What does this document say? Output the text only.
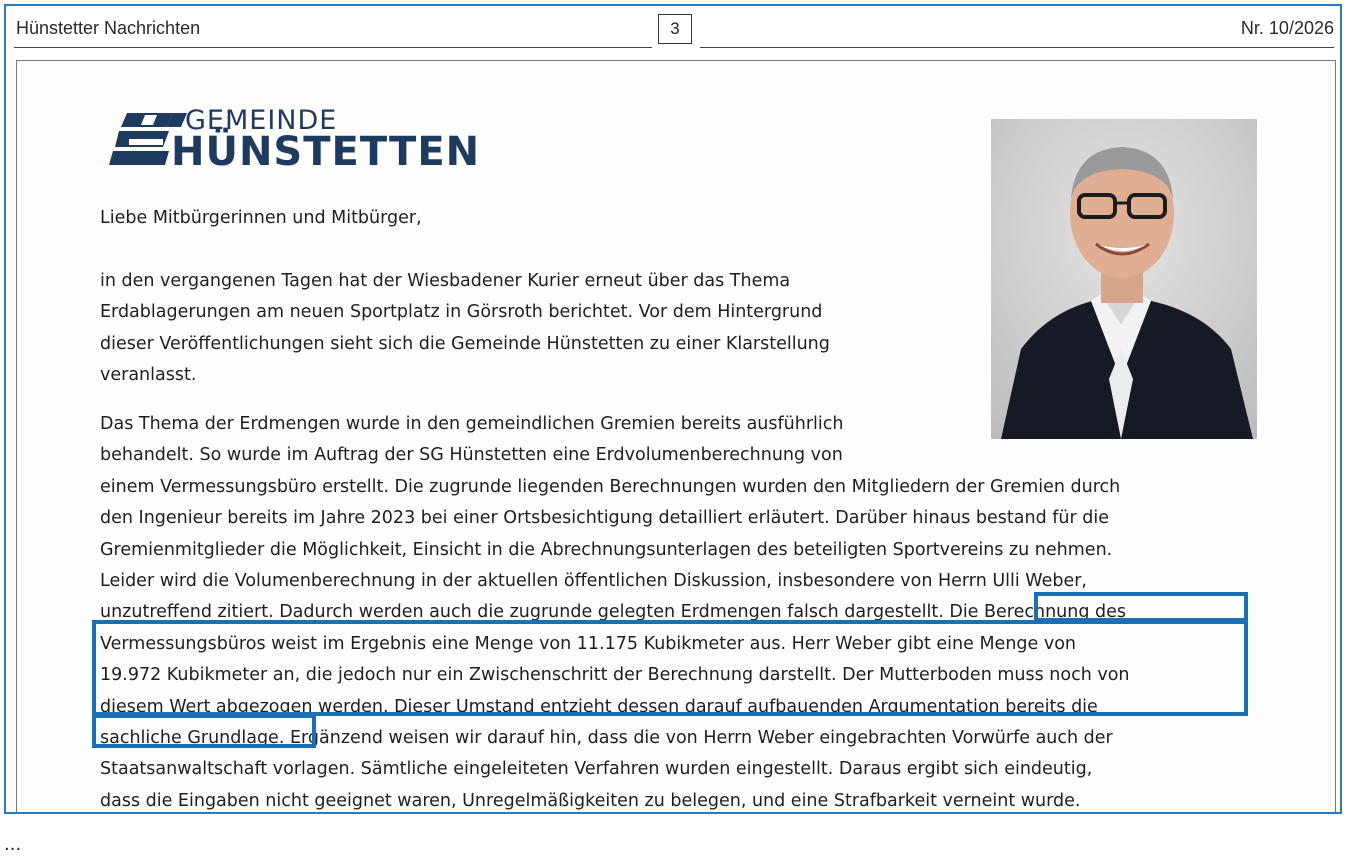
Hünstetter Nachrichten	3	Nr. 10/2026
GEMEINDE
HÜNSTETTEN
Liebe Mitbürgerinnen und Mitbürger,
in den vergangenen Tagen hat der Wiesbadener Kurier erneut über das Thema
Erdablagerungen am neuen Sportplatz in Görsroth berichtet. Vor dem Hintergrund
dieser Veröffentlichungen sieht sich die Gemeinde Hünstetten zu einer Klarstellung
veranlasst.
Das Thema der Erdmengen wurde in den gemeindlichen Gremien bereits ausführlich
behandelt. So wurde im Auftrag der SG Hünstetten eine Erdvolumenberechnung von
einem Vermessungsbüro erstellt. Die zugrunde liegenden Berechnungen wurden den Mitgliedern der Gremien durch
den Ingenieur bereits im Jahre 2023 bei einer Ortsbesichtigung detailliert erläutert. Darüber hinaus bestand für die
Gremienmitglieder die Möglichkeit, Einsicht in die Abrechnungsunterlagen des beteiligten Sportvereins zu nehmen.
Leider wird die Volumenberechnung in der aktuellen öffentlichen Diskussion, insbesondere von Herrn Ulli Weber,
unzutreffend zitiert. Dadurch werden auch die zugrunde gelegten Erdmengen falsch dargestellt. Die Berechnung des
Vermessungsbüros weist im Ergebnis eine Menge von 11.175 Kubikmeter aus. Herr Weber gibt eine Menge von
19.972 Kubikmeter an, die jedoch nur ein Zwischenschritt der Berechnung darstellt. Der Mutterboden muss noch von
diesem Wert abgezogen werden. Dieser Umstand entzieht dessen darauf aufbauenden Argumentation bereits die
sachliche Grundlage. Ergänzend weisen wir darauf hin, dass die von Herrn Weber eingebrachten Vorwürfe auch der
Staatsanwaltschaft vorlagen. Sämtliche eingeleiteten Verfahren wurden eingestellt. Daraus ergibt sich eindeutig,
dass die Eingaben nicht geeignet waren, Unregelmäßigkeiten zu belegen, und eine Strafbarkeit verneint wurde.
...
